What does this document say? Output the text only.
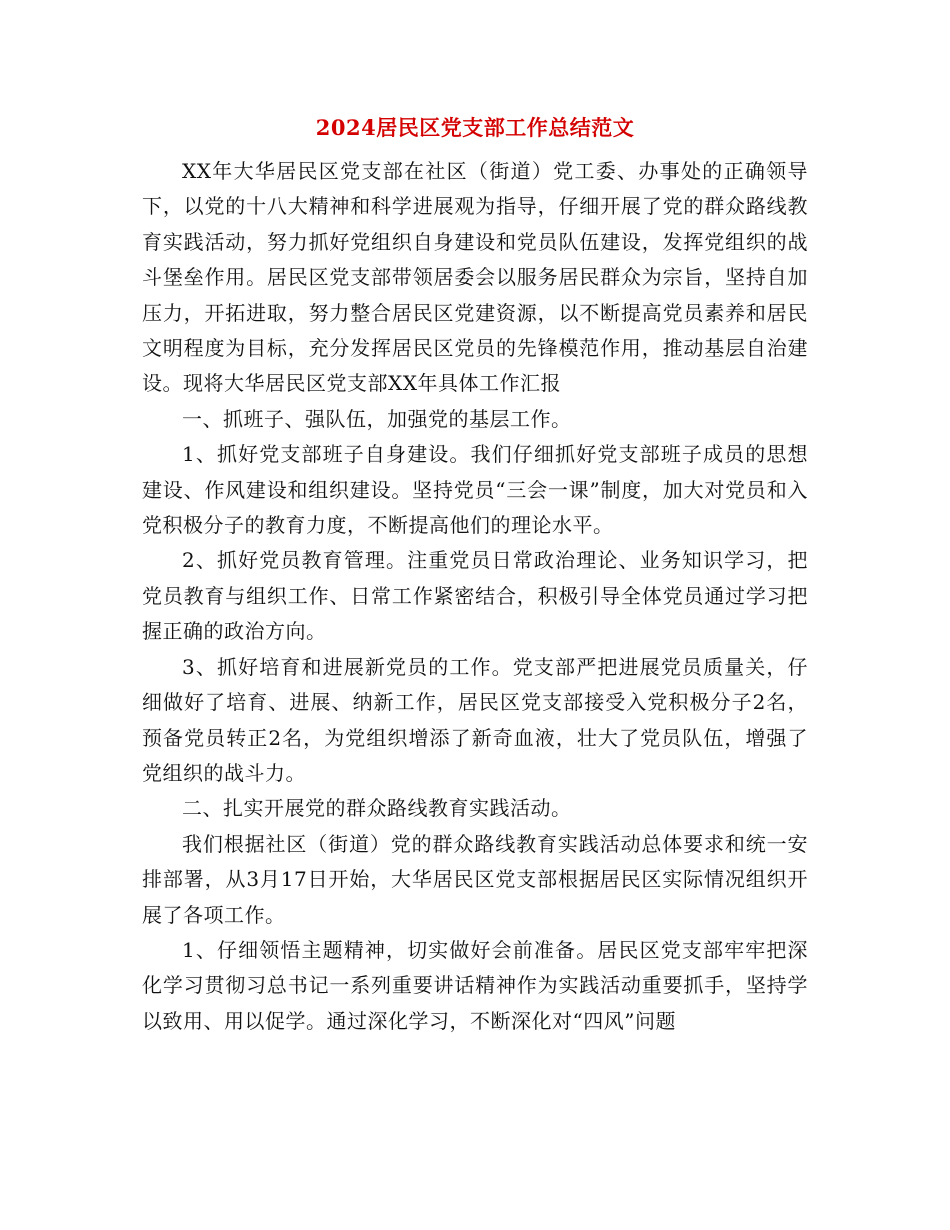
2024居民区党支部工作总结范文

XX年大华居民区党支部在社区（街道）党工委、办事处的正确领导下，以党的十八大精神和科学进展观为指导，仔细开展了党的群众路线教育实践活动，努力抓好党组织自身建设和党员队伍建设，发挥党组织的战斗堡垒作用。居民区党支部带领居委会以服务居民群众为宗旨，坚持自加压力，开拓进取，努力整合居民区党建资源，以不断提高党员素养和居民文明程度为目标，充分发挥居民区党员的先锋模范作用，推动基层自治建设。现将大华居民区党支部XX年具体工作汇报

一、抓班子、强队伍，加强党的基层工作。

1、抓好党支部班子自身建设。我们仔细抓好党支部班子成员的思想建设、作风建设和组织建设。坚持党员“三会一课”制度，加大对党员和入党积极分子的教育力度，不断提高他们的理论水平。

2、抓好党员教育管理。注重党员日常政治理论、业务知识学习，把党员教育与组织工作、日常工作紧密结合，积极引导全体党员通过学习把握正确的政治方向。

3、抓好培育和进展新党员的工作。党支部严把进展党员质量关，仔细做好了培育、进展、纳新工作，居民区党支部接受入党积极分子2名，预备党员转正2名，为党组织增添了新奇血液，壮大了党员队伍，增强了党组织的战斗力。

二、扎实开展党的群众路线教育实践活动。

我们根据社区（街道）党的群众路线教育实践活动总体要求和统一安排部署，从3月17日开始，大华居民区党支部根据居民区实际情况组织开展了各项工作。

1、仔细领悟主题精神，切实做好会前准备。居民区党支部牢牢把深化学习贯彻习总书记一系列重要讲话精神作为实践活动重要抓手，坚持学以致用、用以促学。通过深化学习，不断深化对“四风”问题
